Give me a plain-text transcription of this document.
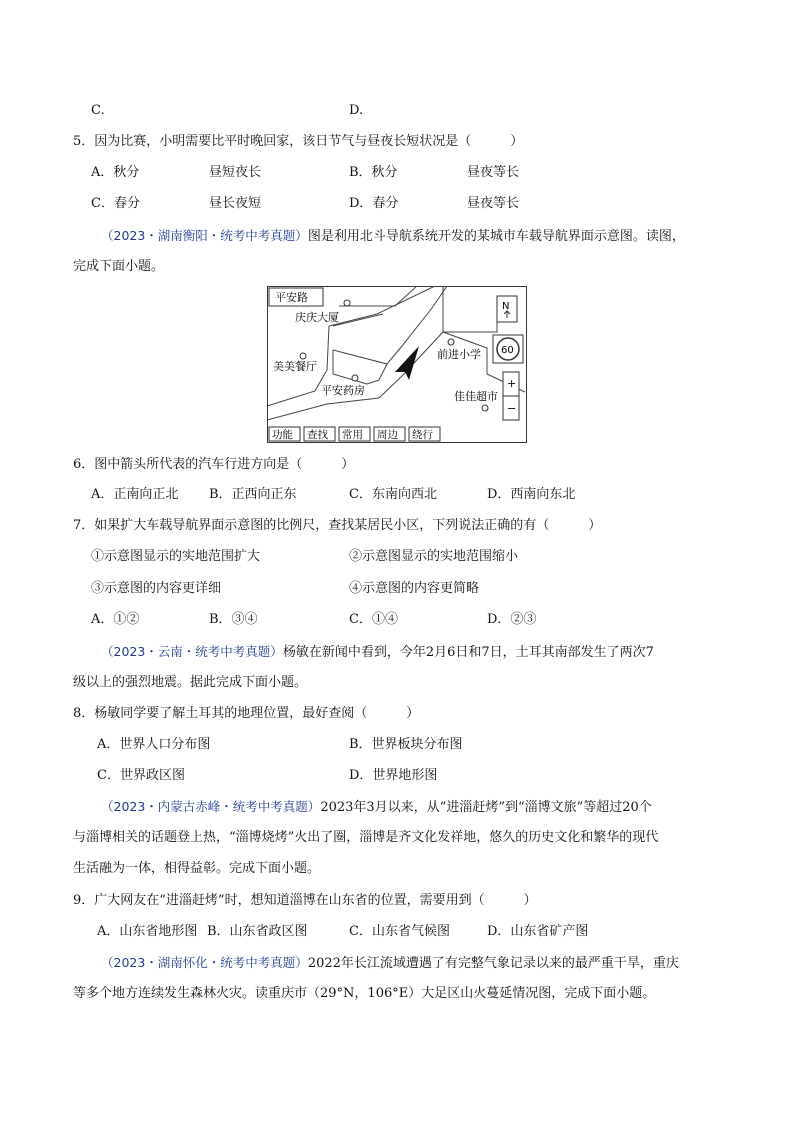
C.	D.
5．因为比赛，小明需要比平时晚回家，该日节气与昼夜长短状况是（　　　）
A．秋分	昼短夜长	B．秋分	昼夜等长
C．春分	昼长夜短	D．春分	昼夜等长
（2023・湖南衡阳・统考中考真题）图是利用北斗导航系统开发的某城市车载导航界面示意图。读图，
完成下面小题。
平安路
庆庆大厦
美美餐厅
平安药房
前进小学
佳佳超市
N
60
+
−
功能 查找 常用 周边 绕行
6．图中箭头所代表的汽车行进方向是（　　　）
A．正南向正北 B．正西向正东	C．东南向西北	D．西南向东北
7．如果扩大车载导航界面示意图的比例尺，查找某居民小区，下列说法正确的有（　　　）
①示意图显示的实地范围扩大	②示意图显示的实地范围缩小
③示意图的内容更详细	④示意图的内容更简略
A．①②	B．③④	C．①④	D．②③
（2023・云南・统考中考真题）杨敏在新闻中看到，今年2月6日和7日，土耳其南部发生了两次7
级以上的强烈地震。据此完成下面小题。
8．杨敏同学要了解土耳其的地理位置，最好查阅（　　　）
A．世界人口分布图	B．世界板块分布图
C．世界政区图	D．世界地形图
（2023・内蒙古赤峰・统考中考真题）2023年3月以来，从“进淄赶烤”到“淄博文旅”等超过20个
与淄博相关的话题登上热，“淄博烧烤”火出了圈，淄博是齐文化发祥地，悠久的历史文化和繁华的现代
生活融为一体，相得益彰。完成下面小题。
9．广大网友在“进淄赶烤”时，想知道淄博在山东省的位置，需要用到（　　　）
A．山东省地形图 B．山东省政区图	C．山东省气候图	D．山东省矿产图
（2023・湖南怀化・统考中考真题）2022年长江流域遭遇了有完整气象记录以来的最严重干旱，重庆
等多个地方连续发生森林火灾。读重庆市（29°N，106°E）大足区山火蔓延情况图，完成下面小题。
